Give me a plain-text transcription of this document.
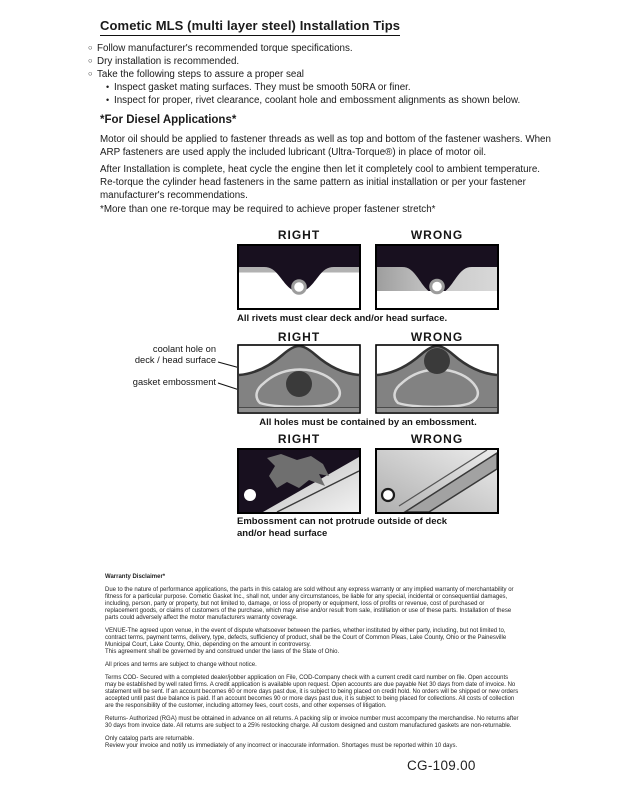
Cometic MLS (multi layer steel) Installation Tips
○ Follow manufacturer's recommended torque specifications.
○ Dry installation is recommended.
○ Take the following steps to assure a proper seal
• Inspect gasket mating surfaces. They must be smooth 50RA or finer.
• Inspect for proper, rivet clearance, coolant hole and embossment alignments as shown below.
*For Diesel Applications*
Motor oil should be applied to fastener threads as well as top and bottom of the fastener washers. When ARP fasteners are used apply the included lubricant (Ultra-Torque®) in place of motor oil.
After Installation is complete, heat cycle the engine then let it completely cool to ambient temperature. Re-torque the cylinder head fasteners in the same pattern as initial installation or per your fastener manufacturer's recommendations.
*More than one re-torque may be required to achieve proper fastener stretch*
RIGHT	WRONG
All rivets must clear deck and/or head surface.
RIGHT	WRONG
coolant hole on
deck / head surface
gasket embossment
All holes must be contained by an embossment.
RIGHT	WRONG
Embossment can not protrude outside of deck and/or head surface

Warranty Disclaimer*

Due to the nature of performance applications, the parts in this catalog are sold without any express warranty or any implied warranty of merchantability or fitness for a particular purpose. Cometic Gasket Inc., shall not, under any circumstances, be liable for any special, incidental or consequential damages, including, person, party or property, but not limited to, damage, or loss of property or equipment, loss of profits or revenue, cost of purchased or replacement goods, or claims of customers of the purchase, which may arise and/or result from sale, instillation or use of these parts. Installation of these parts could adversely affect the motor manufacturers warranty coverage.

VENUE-The agreed upon venue, in the event of dispute whatsoever between the parties, whether instituted by either party, including, but not limited to, contract terms, payment terms, delivery, type, defects, sufficiency of product, shall be the Court of Common Pleas, Lake County, Ohio or the Painesville Municipal Court, Lake County, Ohio, depending on the amount in controversy.

This agreement shall be governed by and construed under the laws of the State of Ohio.

All prices and terms are subject to change without notice.

Terms COD- Secured with a completed dealer/jobber application on File, COD-Company check with a current credit card number on file. Open accounts may be established by well rated firms. A credit application is available upon request. Open accounts are due payable Net 30 days from date of invoice. No statement will be sent. If an account becomes 60 or more days past due, it is subject to being placed on credit hold. No orders will be shipped or new orders accepted until past due balance is paid. If an account becomes 90 or more days past due, it is subject to being placed for collections. All costs of collection are the responsibility of the customer, including attorney fees, court costs, and other expenses of litigation.

Returns- Authorized (RGA) must be obtained in advance on all returns. A packing slip or invoice number must accompany the merchandise. No returns after 30 days from invoice date. All returns are subject to a 25% restocking charge. All custom designed and custom manufactured gaskets are non-returnable.

Only catalog parts are returnable.

Review your invoice and notify us immediately of any incorrect or inaccurate information. Shortages must be reported within 10 days.

CG-109.00
